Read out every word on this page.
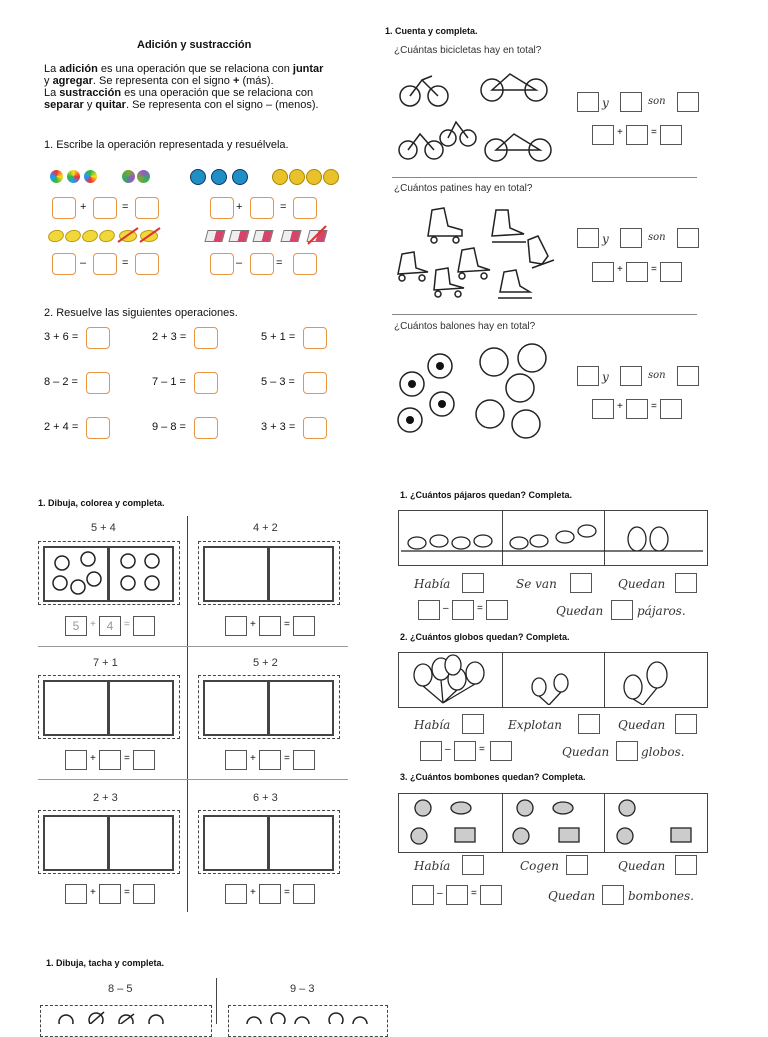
Adición y sustracción
La adición es una operación que se relaciona con juntar
y agregar. Se representa con el signo + (más).
La sustracción es una operación que se relaciona con
separar y quitar. Se representa con el signo – (menos).
1. Escribe la operación representada y resuélvela.
+	=	+	=
–	=	–	=
2. Resuelve las siguientes operaciones.
3 + 6 =	2 + 3 =	5 + 1 =
8 – 2 =	7 – 1 =	5 – 3 =
2 + 4 =	9 – 8 =	3 + 3 =
1. Cuenta y completa.
¿Cuántas bicicletas hay en total?
y	son
+	=
¿Cuántos patines hay en total?
y	son
+	=
¿Cuántos balones hay en total?
y	son
+	=
1. Dibuja, colorea y completa.
5 + 4
5	+ 4	=
4 + 2
+	=
7 + 1
+	=
5 + 2
+	=
2 + 3
+	=
6 + 3
+	=
1. ¿Cuántos pájaros quedan? Completa.
Había	Se van	Quedan
–	=	Quedan	pájaros.
2. ¿Cuántos globos quedan? Completa.
Había	Explotan	Quedan
–	=	Quedan	globos.
3. ¿Cuántos bombones quedan? Completa.
Había	Cogen	Quedan
–	=	Quedan	bombones.
1. Dibuja, tacha y completa.
8 – 5	9 – 3
